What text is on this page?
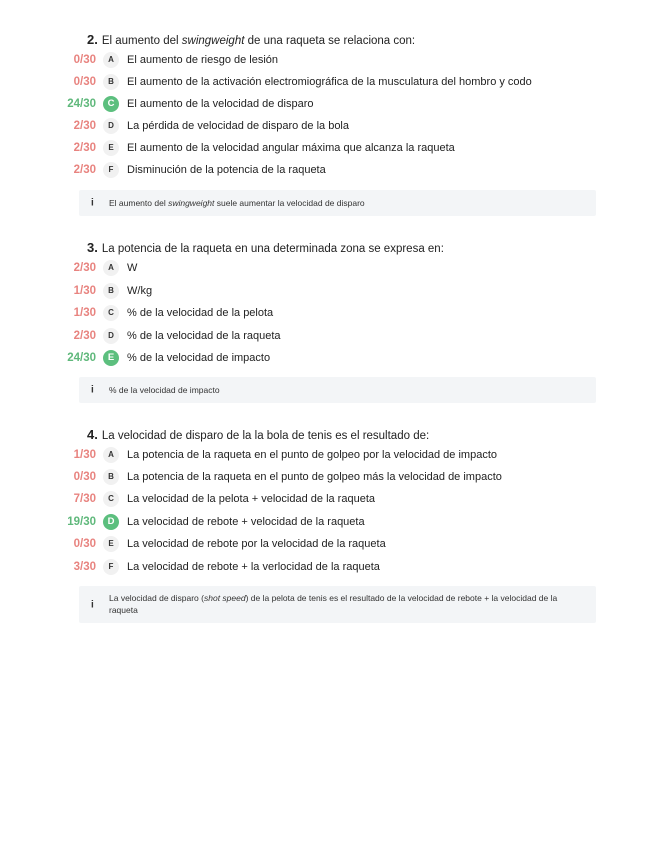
2. El aumento del swingweight de una raqueta se relaciona con:
0/30	A	El aumento de riesgo de lesión
0/30	B	El aumento de la activación electromiográfica de la musculatura del hombro y codo
24/30	C	El aumento de la velocidad de disparo
2/30	D	La pérdida de velocidad de disparo de la bola
2/30	E	El aumento de la velocidad angular máxima que alcanza la raqueta
2/30	F	Disminución de la potencia de la raqueta
i El aumento del swingweight suele aumentar la velocidad de disparo
3. La potencia de la raqueta en una determinada zona se expresa en:
2/30	A	W
1/30	B	W/kg
1/30	C	% de la velocidad de la pelota
2/30	D	% de la velocidad de la raqueta
24/30	E	% de la velocidad de impacto
i % de la velocidad de impacto
4. La velocidad de disparo de la la bola de tenis es el resultado de:
1/30	A	La potencia de la raqueta en el punto de golpeo por la velocidad de impacto
0/30	B	La potencia de la raqueta en el punto de golpeo más la velocidad de impacto
7/30	C	La velocidad de la pelota + velocidad de la raqueta
19/30	D	La velocidad de rebote + velocidad de la raqueta
0/30	E	La velocidad de rebote por la velocidad de la raqueta
3/30	F	La velocidad de rebote + la verlocidad de la raqueta
i
La velocidad de disparo (shot speed) de la pelota de tenis es el resultado de la velocidad de rebote + la velocidad de la raqueta
